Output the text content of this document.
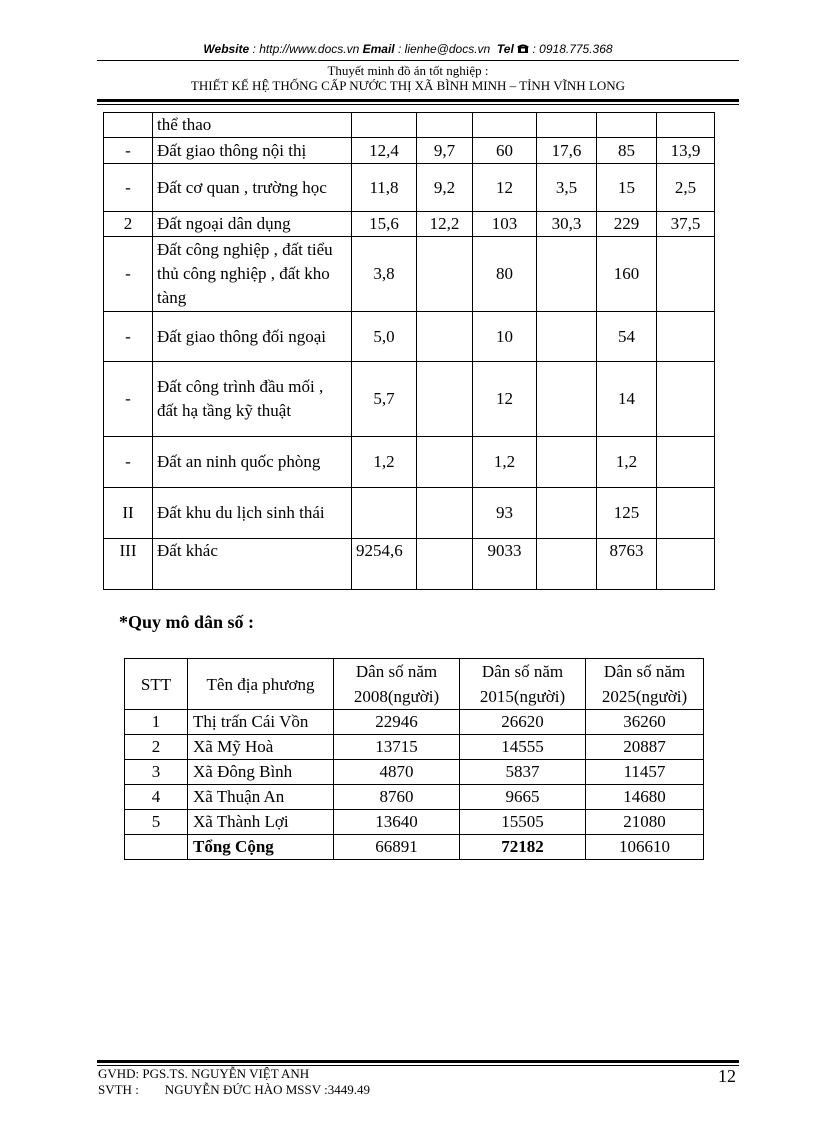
Website : http://www.docs.vn Email : lienhe@docs.vn Tel  : 0918.775.368
Thuyết minh đồ án tốt nghiệp :
THIẾT KẾ HỆ THỐNG CẤP NƯỚC THỊ XÃ BÌNH MINH – TỈNH VĨNH LONG
	thể thao						
-	Đất giao thông nội thị	12,4	9,7	60	17,6	85	13,9
-	Đất cơ quan , trường học	11,8	9,2	12	3,5	15	2,5
2	Đất ngoại dân dụng	15,6	12,2	103	30,3	229	37,5
-	Đất công nghiệp , đất tiểu thủ công nghiệp , đất kho tàng	3,8		80		160	
-	Đất giao thông đối ngoại	5,0		10		54	
-	Đất công trình đầu mối , đất hạ tầng kỹ thuật	5,7		12		14	
-	Đất an ninh quốc phòng	1,2		1,2		1,2	
II	Đất khu du lịch sinh thái			93		125	
III	Đất khác	9254,6		9033		8763	
*Quy mô dân số :
STT	Tên địa phương	Dân số năm 2008(người)	Dân số năm 2015(người)	Dân số năm 2025(người)
1	Thị trấn Cái Vồn	22946	26620	36260
2	Xã Mỹ Hoà	13715	14555	20887
3	Xã Đông Bình	4870	5837	11457
4	Xã Thuận An	8760	9665	14680
5	Xã Thành Lợi	13640	15505	21080
	Tổng Cộng	66891	72182	106610
GVHD: PGS.TS. NGUYỄN VIỆT ANH
SVTH :        NGUYỄN ĐỨC HÀO MSSV :3449.49
12
